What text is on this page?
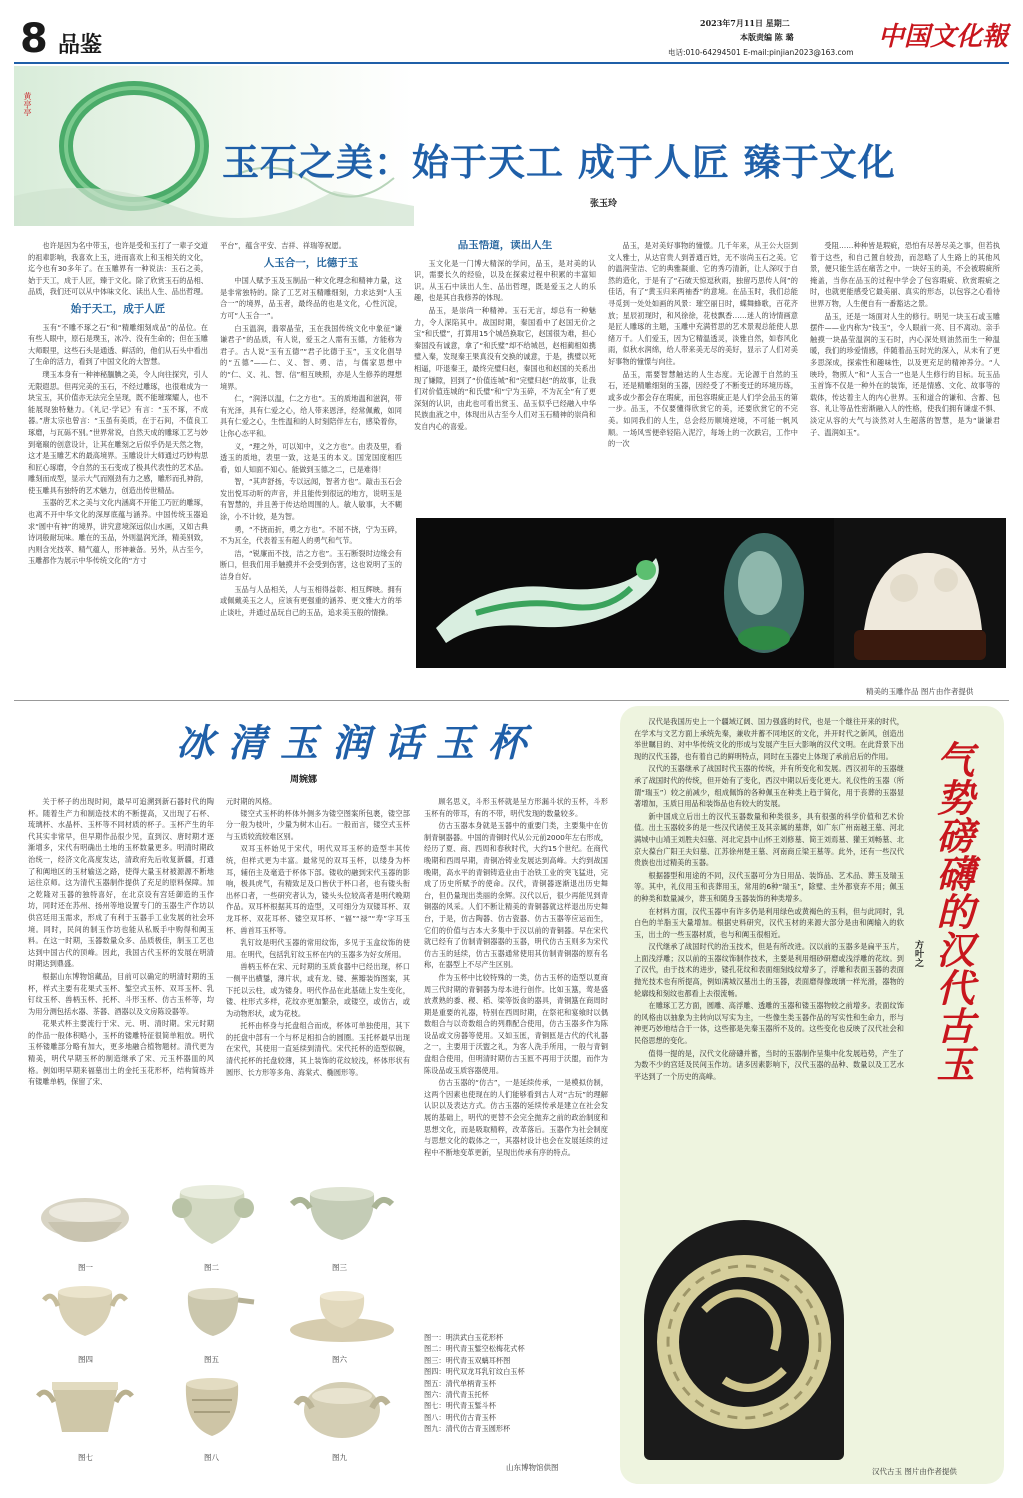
8 品鉴
2023年7月11日 星期二
本版责编 陈 璐
电话:010-64294501 E-mail:pinjian2023@163.com
中国文化報
黄亭亭
玉石之美：始于天工 成于人匠 臻于文化
张玉玲

也许是因为名中带玉，也许是受和玉打了一辈子交道的祖辈影响，我喜欢上玉，进而喜欢上和玉相关的文化，迄今也有30多年了。在玉雕界有一种说法：玉石之美，始于天工，成于人匠，臻于文化。除了欣赏玉石的品相、品质，我们还可以从中体味文化、读出人生、品出哲理。

始于天工，成于人匠

玉有“不雕不琢之石”和“精雕细刻成品”的品位。在有些人眼中，原石是璞玉，冰冷、没有生命的；但在玉雕大师眼里，这些石头是通透、鲜活的，他们从石头中看出了生命的活力，看到了中国文化的大智慧。

璞玉本身有一种神秘腼腆之美，令人向往探究，引人无限遐思。但再完美的玉石，不经过雕琢，也很难成为一块宝玉，其价值亦无法完全呈现，既不能璀璨耀人，也不能展现独特魅力。《礼记·学记》有言：“玉不琢，不成器。”唐太宗也曾言：“玉虽有美质，在于石间，不值良工琢磨，与瓦砾不别。”世界常说，自然天成的雕琢工艺与妙到毫巅的创意设计，让其在雕刻之后似乎仍是天然之物，这才是玉雕艺术的最高境界。玉雕设计大师通过巧妙构思和匠心琢磨，令自然的玉石变成了极具代表性的艺术品。雕刻而成型，显示大气而刚劲有力之感，雕形而孔神韵，使玉雕具有独特的艺术魅力，创造出传世精品。

玉器的艺术之美与文化内涵离不开能工巧匠的雕琢，也离不开中华文化的深厚底蕴与涵养。中国传统玉器追求“圆中有神”的境界，讲究意境深远似山水画，又如古典诗词般耐玩味。雕在的玉品，外则温润光泽，精美别致，内则含光技萃、精气蕴人，形神兼备。另外，从古至今，玉雕都作为展示中华传统文化的“方寸

平台”，蕴含平安、吉祥、祥瑞等祝愿。
人玉合一，比德于玉

中国人赋予玉及玉制品一种文化理念和精神力量，这是非常独特的。除了工艺对玉精雕细刻，力求达到“人玉合一”的境界，品玉者，最终品的也是文化，心性沉淀，方可“人玉合一”。

白玉温润，翡翠晶莹，玉在我国传统文化中象征“谦谦君子”的品质，有人说，爱玉之人需有玉德，方能称为君子。古人说“玉有五德”“君子比德于玉”，玉文化倡导的“五德”——仁、义、智、勇、洁，与儒家思想中的“仁、义、礼、智、信”相互映照，亦是人生修养的理想境界。

仁，“润泽以温，仁之方也”。玉的质地温和滋润，带有光泽，具有仁爱之心，给人带来恩泽，经常佩戴，如同具有仁爱之心，生性温和的人时刻陪伴左右，感染着你，让你心态平和。

义，“理之外，可以知中，义之方也”。由表及里，看透玉的质地，表里一致，这是玉的本义。国宠国度相匹看，如人知面不知心。能做到玉德之二，已是难得！

智，“其声舒扬，专以远闻，智者方也”。敲击玉石会发出悦耳动听的声音，并且能传到很远的地方，说明玉是有智慧的，并且善于传达给周围的人。敏人敏事，大不糊涂，小不计较，是为智。

勇，“不挠而折，勇之方也”。不屈不挠，宁为玉碎，不为瓦全，代表着玉有超人的勇气和气节。

洁，“锐廉而不技，洁之方也”。玉石断裂时边缘会有断口，但我们用手触摸并不会受到伤害，这也说明了玉的洁身自好。

玉品与人品相关，人与玉相得益彰、相互辉映。拥有或佩戴美玉之人，应该有更强重的涵养、更文雅大方的举止谈吐，并通过品玩自己的玉品，追求美玉般的情操。

品玉悟道，读出人生

玉文化是一门博大精深的学问，品玉，是对美的认识，需要长久的经验，以及在探索过程中积累的丰富知识。从玉石中读出人生、品出哲理，既是爱玉之人的乐趣，也是其自我修养的体现。

品玉，是崇尚一种精神。玉石无言，却总有一种魅力，令人深陷其中。战国时期，秦国看中了赵国无价之宝“和氏璧”，打算用15个城邑换取它，赵国很为难，担心秦国没有诚意，拿了“和氏璧”却不给城邑，赵相蔺相如携璧入秦，发现秦王果真没有交换的诚意，于是，携璧以死相逼，吓退秦王，最终完璧归赵，秦国也和赵国的关系出现了嫌隙，回到了“价值连城”和“完璧归赵”的故事，让我们对价值连城的“和氏璧”和“宁为玉碎，不为瓦全”有了更深刻的认识，由此也可看出赏玉、品玉似乎已经融入中华民族血液之中，体现出从古至今人们对玉石精神的崇尚和发自内心的喜爱。

品玉，是对美好事物的憧憬。几千年来，从王公大臣到文人雅士，从达官贵人到普通百姓，无不崇尚玉石之美。它的温润莹洁、它的典雅凝重、它的秀巧清新，让人深叹于自然的造化，于是有了“石破天惊逗秋雨，独留巧思传人间”的佳话，有了“黄玉归来两袖香”的意境。在品玉时，我们总能寻觅到一处处如画的风景：璀空丽日时，蝶舞蜂歌，百花齐放；星辰初现时，和风徐徐，花枝飘香……迷人的诗情画意是匠人雕琢的主题，玉雕中充满哲思的艺术景观总能使人思绪万千。人们爱玉，因为它精温透灵，淡雅自然，如春风化雨，似秋水润绵，给人带来美无尽的美好，显示了人们对美好事物的憧憬与向往。

品玉，需要智慧触达的人生态度。无论源于自然的玉石，还是精雕细刻的玉器，因经受了不断变迁的环境历练，或多或少都会存在瑕疵，而包容瑕疵正是人们学会品玉的第一步。品玉，不仅要懂得欣赏它的美，还要欣赏它的不完美。如同我们的人生，总会经历顺境逆境，不可能一帆风顺。一场风雪便牵轻陷入泥泞，每场上的一次跌宕，工作中的一次

受阻……种种皆是瑕疵，恐怕有尽善尽美之事，但若执着于这些，和自己置自较劲，而忽略了人生路上的其他风景，便只能生活在痛苦之中。一块好玉的美，不会被瑕疵所掩盖，当你在品玉的过程中学会了包容瑕疵、欣赏瑕疵之时，也就更能感受它最美丽、真实的形态，以包容之心看待世界万物，人生便自有一番豁达之景。

品玉，还是一场面对人生的修行。明见一块玉石或玉雕摆件——业内称为“钱玉”，令人眼前一亮、目不离动。亲手触摸一块晶莹温润的玉石时，内心深处则油然而生一种温暖，我们的珍爱情感，伴随着品玉时光的深入，从未有了更多思深成，探索性和趣味性，以及更充足的精神养分。“人映玲，物照人”和“人玉合一”也是人生修行的目标。玩玉品玉首饰不仅是一种外在的装饰，还是情感、文化、故事等的载体，传达着主人的内心世界。玉和道合的谦和、含蓄、包容、礼让等品性密渐融入人的性格，使我们拥有谦虚不惧、淡定从容的大气与淡然对人生超落的智慧，是为“谦谦君子、温润如玉”。

精美的玉雕作品 图片由作者提供
冰清玉润话玉杯
周婉娜

关于杯子的出现时间，最早可追溯到新石器时代的陶杯。随着生产力和制造技术的不断提高，又出现了石杯、琉璃杯、水晶杯、玉杯等不同材质的杯子。玉杯产生的年代其实非常早，但早期作品很少见，直到汉、唐时期才逐渐增多，宋代有明确出土地的玉杯数量更多。明清时期政治统一，经济文化高度发达，清政府先后收复新疆，打通了和阗地区的玉材输送之路，使得大量玉材被源源不断地运往京师。这为清代玉器制作提供了充足的原料保障。加之乾隆对玉器的独特喜好，在北京设有宫廷御造的玉作坊，同时还在苏州、扬州等地设置专门的玉器生产作坊以供宫廷用玉需求，形成了有利于玉器手工业发展的社会环境。同时，民间的制玉作坊也能从私贩手中购得和阗玉料。在这一时期，玉器数量众多、品质极佳，制玉工艺也达到中国古代的顶峰。因此，我国古代玉杯的发展在明清时期达到鼎盛。

根据山东博物馆藏品，目前可以确定的明清时期的玉杯，样式主要有花果式玉杯、錾空式玉杯、双耳玉杯、乳钉纹玉杯、兽柄玉杯、托杯、斗形玉杯、仿古玉杯等，均为用分测包括水器、茶器、酒器以及文房陈设器等。

花果式杯主要流行于宋、元、明、清时期。宋元时期的作品一般体积略小，玉杯的镂雕特征很简单粗放。明代玉杯镂雕部分略有加大，更多地融合植物题材。清代更为精美，明代早期玉杯的制造继承了宋、元玉杯器皿的风格。例如明早期来福墓出土的金托玉花形杯，结构简练并有镂雕单柄，保留了宋、

元时期的风格。

镂空式玉杯的杯体外侧多为镂空图案所包裹，镂空部分一般为枝叶，少量为树木山石。一般而言，镂空式玉杯与玉质较流较难区别。

双耳玉杯始见于宋代，明代双耳玉杯的造型丰其传统，但样式更为丰富。最常见的双耳玉杯，以缕身为杯耳，辅佰主及毫造于杯体下部。镂收的融到宋代玉器的影响，极具虎气，有精致足及口皆伏于杯口者，也有镂头衔出杯口者，一些研究者认为，镂头头位较高者是明代晚期作品。双耳杯根据其耳的造型，又可细分为双镂耳杯、双龙耳杯、双花耳杯、镂空双耳杯、“福”“禄”“寿”字耳玉杯、兽首耳玉杯等。

乳钉纹是明代玉器的常用纹饰，多见于玉盒纹饰的使用。在明代，包括乳钉纹玉杯在内的玉器多为好女所用。

兽柄玉杯在宋、元时期的玉质食器中已经出现，杯口一侧平出横鋬，薄片状，或有龙、镂、蕉瓣装饰图案，其下托以云柱，或为镂身。明代作品在此基础上发生变化，镂、柱形式多样，花纹亦更加繁杂，或镂空，或仿古，或为动物形状，或为花枝。

托杯由杯身与托盘组合而成，杯体可单独使用，其下的托盘中部有一个与杯足相扣合的圆圈。玉托杯最早出现在宋代，其使用一直延续到清代。宋代托杯的造型似碗，清代托杯的托盘较薄，其上装饰的花纹较浅，杯体形状有圆形、长方形等多角、海棠式、椭圆形等。

顾名思义，斗形玉杯就是呈方形漏斗状的玉杯，斗形玉杯有的带耳，有的不带，明代发现的数量较多。

仿古玉器本身就是玉器中的重要门类，主要集中在仿制青铜器器。中国的青铜时代从公元前2000年左右形成，经历了夏、商、西周和春秋时代，大约15个世纪。在商代晚期和西周早期，青铜冶铸业发展达到高峰。大约到战国晚期，高水平的青铜铸造业由于冶铁工业的突飞猛进，完成了历史所赋予的使命。汉代，青铜器逐渐退出历史舞台，但仍量现出类丽的余辉。汉代以后，很少再能见到青铜器的风采。人们不断让精美的青铜器就这样退出历史舞台，于是，仿古陶器、仿古瓷器、仿古玉器等应运而生，它们的价值与古本大多集中于汉以前的青铜器。早在宋代就已经有了仿制青铜器器的玉器，明代仿古玉则多为宋代仿古玉的延续，仿古玉器通常使用其仿制青铜器的原有名称，在器型上不尽产生区别。

作为玉杯中比较特殊的一类，仿古玉杯的造型以夏商周三代时期的青铜器为母本进行创作。比如玉簋，莺是盛放煮熟的黍、稷、稻、梁等饭食的器具，青铜簋在商周时期是重要的礼器，特别在西周时期，在祭祀和宴飨时以偶数组合与以奇数组合的列鼎配合使用，仿古玉器多作为陈设品或文房器等使用。又如玉匜，青铜匜是古代的代礼器之一，主要用于沃盥之礼，为客人洗手所用，一般与青铜盘组合使用，但明清时期仿古玉匜不再用于沃盥，而作为陈设品或玉质容器使用。

仿古玉器的“仿古”，一是延续传承，一是模拟仿制，这两个因素也使现在的人们能够看到古人对“古玩”的理解认识以及表达方式。仿古玉器的延续传承是建立在社会发展的基础上，明代的更替不会完全抛弃之前的政治制度和思想文化，而是吸取精粹，改革落后。玉器作为社会制度与思想文化的载体之一，其器材设计也会在发展延续的过程中不断地变革更新，呈现出传承有序的特点。

图一	图二	图三
图四	图五	图六
图七	图八	图九
图一：明洪武白玉花形杯
图二：明代青玉錾空松梅花式杯
图三：明代青玉双螭耳杯图
图四：明代双龙耳乳钉纹白玉杯
图五：清代单柄青玉杯
图六：清代青玉托杯
图七：明代青玉錾斗杯
图八：明代仿古青玉杯
图九：清代仿古青玉圆形杯
山东博物馆供图

汉代是我国历史上一个疆域辽阔、国力强盛的时代，也是一个继往开来的时代，在学术与文艺方面上承统先秦，兼收并蓄不同地区的文化，并开时代之新风，创造出举世瞩目的、对中华传统文化的形成与发展产生巨大影响的汉代文明。在此背景下出现的汉代玉器，也有着自己的鲜明特点，同时在玉器史上体现了承前启后的作用。

汉代的玉器继承了战国时代玉器的传统，并有所变化和发展。西汉初年的玉器继承了战国时代的传统，但开始有了变化，西汉中期以后变化更大。礼仪性的玉器（所谓“瑞玉”）较之前减少，组成佩饰的各种佩玉在种类上趋于简化，用于丧葬的玉器显著增加，玉质日用品和装饰品也有较大的发展。

新中国成立后出土的汉代玉器数量和种类很多，具有很强的科学价值和艺术价值。出土玉器较多的是一些汉代诸侯王及其亲属的墓葬，如广东广州南越王墓、河北满城中山靖王刘胜夫妇墓、河北定县中山怀王刘修墓、简王刘焉墓、獾王刘畅墓、北京大葆台广阳王夫妇墓、江苏徐州楚王墓、河南商丘梁王墓等。此外，还有一些汉代贵族也出过精美的玉器。

根据器型和用途的不同，汉代玉器可分为日用品、装饰品、艺术品、葬玉及瑞玉等。其中，礼仪用玉和丧葬用玉，常用的6种“瑞玉”，除璧、圭外都衰弃不用；佩玉的种类和数量减少，葬玉和随身玉器装饰的种类增多。

在材料方面，汉代玉器中有许多仍是利用绿色或黄褐色的玉料，但与此同时，乳白色的羊脂玉大量增加。根据史料研究，汉代玉材的来源大部分是由和阗输入的软玉，出土的一些玉器材质，也与和阗玉很相近。

汉代继承了战国时代的治玉技术，但是有所改进。汉以前的玉器多是扁平玉片，上面浅浮雕；汉以前的玉器纹饰制作技术，主要是利用细砂研磨或浅浮雕的花纹。到了汉代，由于技术的进步，镂孔花纹和表面细刻线纹增多了，浮雕和表面玉器的表面抛光技术也有所提高，例如满城汉墓出土的玉器，表面磨得像玻璃一样光滑，器物的轮廓线和刻纹也都看上去很流畅。

在雕琢工艺方面，圆雕、高浮雕、透雕的玉器和镂玉器物较之前增多。表面纹饰的风格由以抽象为主转向以写实为主，一些像生类玉器作品的写实性和生命力，形与神更巧妙地结合于一体，这些都是先秦玉器所不及的。这些变化也反映了汉代社会和民俗思想的变化。

值得一提的是，汉代文化磅礴并蓄，当时的玉器制作呈集中化发展趋势，产生了为数不少的宫廷及民间玉作坊。诸多因素影响下，汉代玉器的品种、数量以及工艺水平达到了一个历史的高峰。	气势磅礴的汉代古玉
方叶之
汉代古玉 图片由作者提供
